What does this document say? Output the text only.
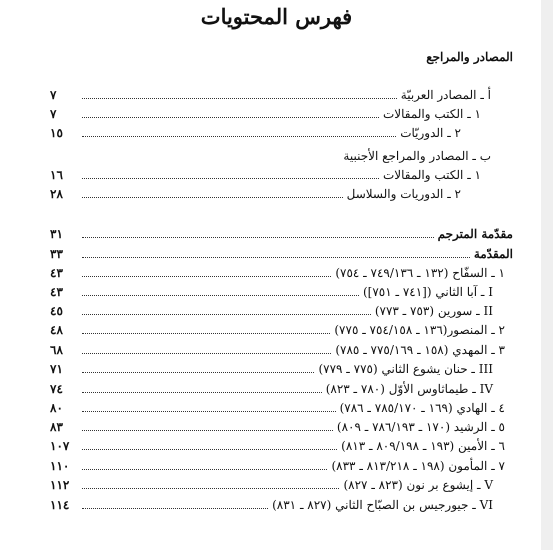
فهرس المحتويات
المصادر والمراجع
أ ـ المصادر العربيّة
٧
١ ـ الكتب والمقالات
٧
٢ ـ الدوريّات
١٥
ب ـ المصادر والمراجع الأجنبية
١ ـ الكتب والمقالات
١٦
٢ ـ الدوريات والسلاسل
٢٨
مقدّمة المترجم
٣١
المقدّمة
٣٣
١ ـ السفّاح (١٣٢ ـ ٧٤٩/١٣٦ ـ ٧٥٤)
٤٣
I ـ آبا الثاني ([٧٤١ ـ ٧٥١])
٤٣
II ـ سورين (٧٥٣ ـ ٧٧٣)
٤٥
٢ ـ المنصور(١٣٦ ـ ٧٥٤/١٥٨ ـ ٧٧٥)
٤٨
٣ ـ المهدي (١٥٨ ـ ٧٧٥/١٦٩ ـ ٧٨٥)
٦٨
III ـ حنان يشوع الثاني (٧٧٥ ـ ٧٧٩)
٧١
IV ـ طيماثاوس الأوّل (٧٨٠ ـ ٨٢٣)
٧٤
٤ ـ الهادي (١٦٩ ـ ٧٨٥/١٧٠ ـ ٧٨٦)
٨٠
٥ ـ الرشيد (١٧٠ ـ ٧٨٦/١٩٣ ـ ٨٠٩)
٨٣
٦ ـ الأمين (١٩٣ ـ ٨٠٩/١٩٨ ـ ٨١٣)
١٠٧
٧ ـ المأمون (١٩٨ ـ ٨١٣/٢١٨ ـ ٨٣٣)
١١٠
V ـ إيشوع بر نون (٨٢٣ ـ ٨٢٧)
١١٢
VI ـ جيورجيس بن الصبّاح الثاني (٨٢٧ ـ ٨٣١)
١١٤
